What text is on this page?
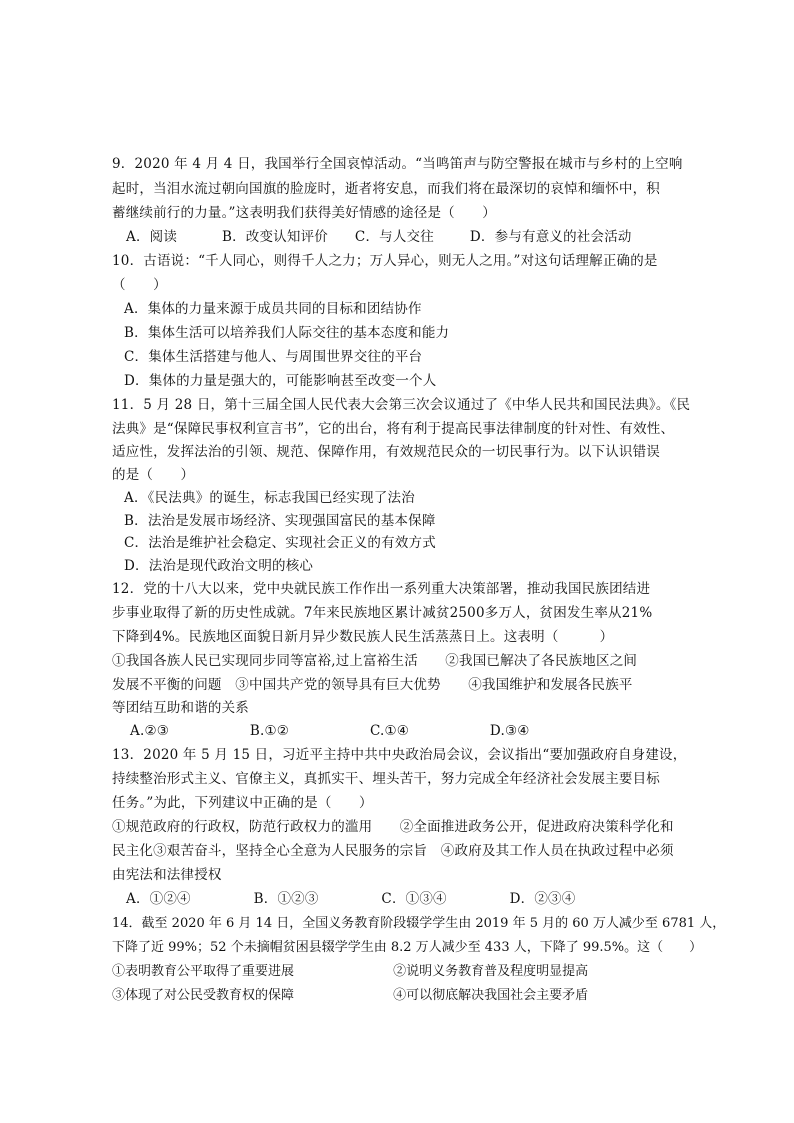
9．2020 年 4 月 4 日，我国举行全国哀悼活动。“当鸣笛声与防空警报在城市与乡村的上空响
起时，当泪水流过朝向国旗的脸庞时，逝者将安息，而我们将在最深切的哀悼和缅怀中，积
蓄继续前行的力量。”这表明我们获得美好情感的途径是（　　）
A．阅读          B．改变认知评价      C．与人交往        D．参与有意义的社会活动
10．古语说：“千人同心，则得千人之力；万人异心，则无人之用。”对这句话理解正确的是
（　　）
A．集体的力量来源于成员共同的目标和团结协作
B．集体生活可以培养我们人际交往的基本态度和能力
C．集体生活搭建与他人、与周围世界交往的平台
D．集体的力量是强大的，可能影响甚至改变一个人
11．5 月 28 日，第十三届全国人民代表大会第三次会议通过了《中华人民共和国民法典》。《民
法典》是“保障民事权利宣言书”，它的出台，将有利于提高民事法律制度的针对性、有效性、
适应性，发挥法治的引领、规范、保障作用，有效规范民众的一切民事行为。以下认识错误
的是（　　）
A．《民法典》的诞生，标志我国已经实现了法治
B．法治是发展市场经济、实现强国富民的基本保障
C．法治是维护社会稳定、实现社会正义的有效方式
D．法治是现代政治文明的核心
12．党的十八大以来，党中央就民族工作作出一系列重大决策部署，推动我国民族团结进
步事业取得了新的历史性成就。7年来民族地区累计减贫2500多万人，贫困发生率从21%
下降到4%。民族地区面貌日新月异少数民族人民生活蒸蒸日上。这表明（　　　）
①我国各族人民已实现同步同等富裕,过上富裕生活　　②我国已解决了各民族地区之间
发展不平衡的问题　③中国共产党的领导具有巨大优势　　④我国维护和发展各民族平
等团结互助和谐的关系
A.②③                  B.①②                  C.①④                  D.③④
13．2020 年 5 月 15 日，习近平主持中共中央政治局会议，会议指出“要加强政府自身建设，
持续整治形式主义、官僚主义，真抓实干、埋头苦干，努力完成全年经济社会发展主要目标
任务。”为此，下列建议中正确的是（　　）
①规范政府的行政权，防范行政权力的滥用　　②全面推进政务公开，促进政府决策科学化和
民主化③艰苦奋斗，坚持全心全意为人民服务的宗旨　④政府及其工作人员在执政过程中必须
由宪法和法律授权
A．①②④              B．①②③              C．①③④              D．②③④
14．截至 2020 年 6 月 14 日，全国义务教育阶段辍学学生由 2019 年 5 月的 60 万人减少至 6781 人，
下降了近 99%；52 个未摘帽贫困县辍学学生由 8.2 万人减少至 433 人，下降了 99.5%。这（　　）
①表明教育公平取得了重要进展                        ②说明义务教育普及程度明显提高
③体现了对公民受教育权的保障                        ④可以彻底解决我国社会主要矛盾
